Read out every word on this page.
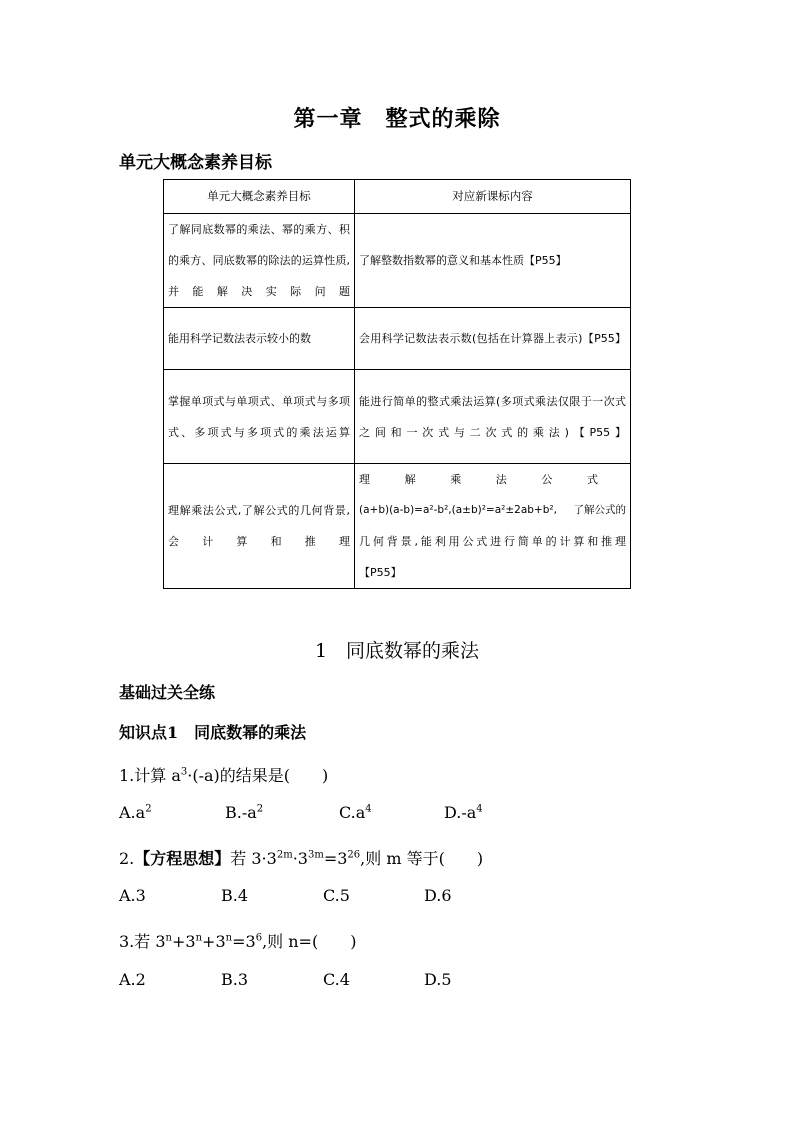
第一章　整式的乘除
单元大概念素养目标
单元大概念素养目标	对应新课标内容
了解同底数幂的乘法、幂的乘方、积的乘方、同底数幂的除法的运算性质,并能解决实际问题	了解整数指数幂的意义和基本性质【P55】
能用科学记数法表示较小的数	会用科学记数法表示数(包括在计算器上表示)【P55】
掌握单项式与单项式、单项式与多项式、多项式与多项式的乘法运算	能进行简单的整式乘法运算(多项式乘法仅限于一次式之间和一次式与二次式的乘法)【P55】
理解乘法公式,了解公式的几何背景,会计算和推理	理解乘法公式
(a+b)(a-b)=a²-b²,(a±b)²=a²±2ab+b², 了解公式的
几何背景,能利用公式进行简单的计算和推理
【P55】
1　同底数幂的乘法
基础过关全练
知识点1　同底数幂的乘法
1.计算 $a^3\cdot(-a)$的结果是(　　)
$A.a^2$	$B.-a^2$	$C.a^4$	$D.-a^4$
2.【方程思想】若 $3\cdot 3^{2m}\cdot 3^{3m}=3^{26}$,则 m 等于(　　)
A.3	B.4	C.5	D.6
3.若 $3^n+3^n+3^n=3^6$,则 n=(　　)
A.2	B.3	C.4	D.5
